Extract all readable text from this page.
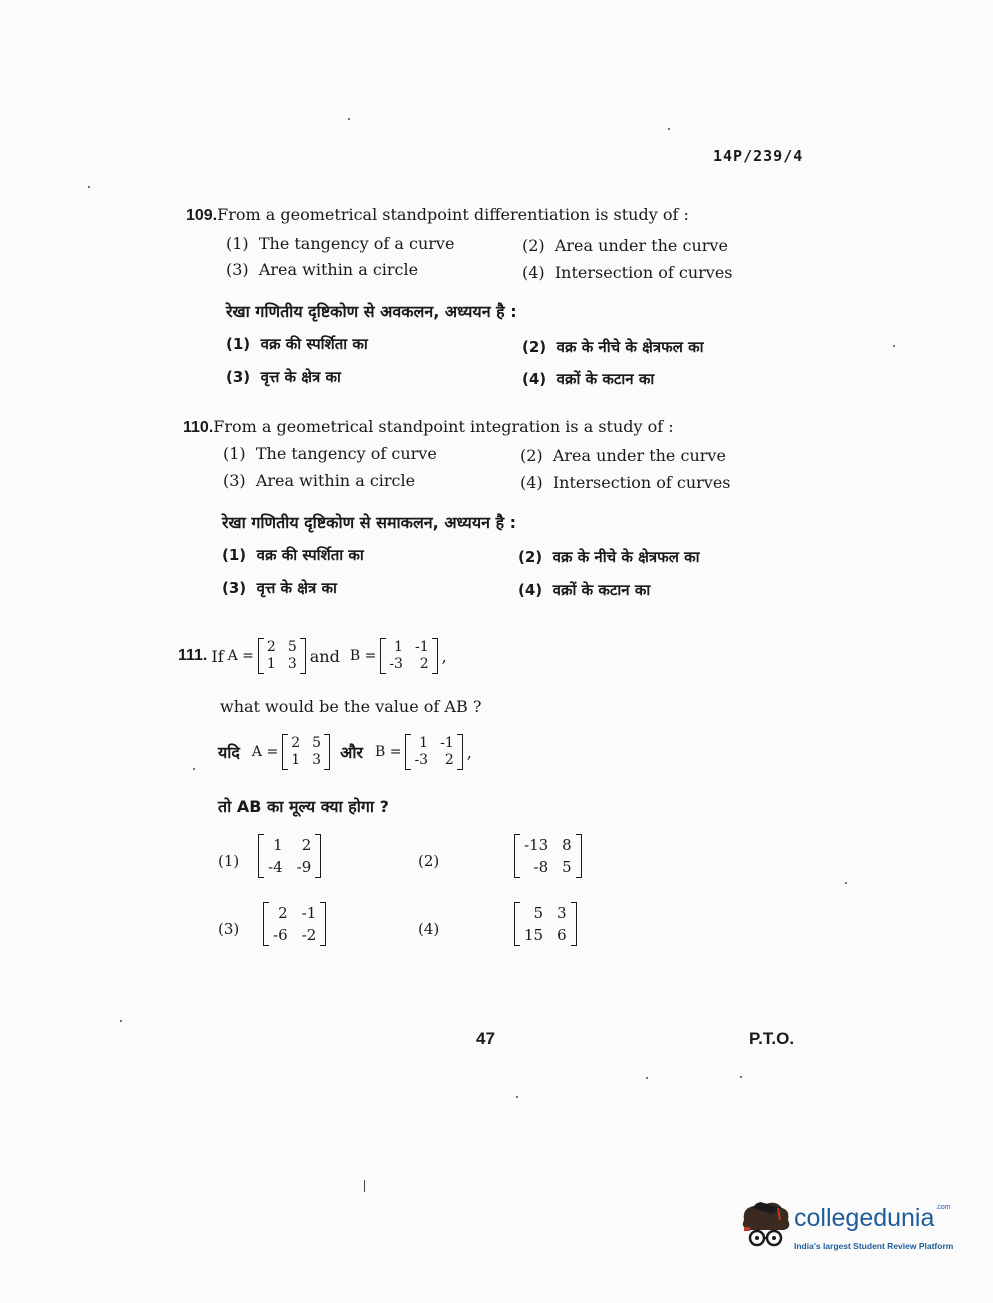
14P/239/4
109.From a geometrical standpoint differentiation is study of :
(1) The tangency of a curve	(2) Area under the curve
(3) Area within a circle	(4) Intersection of curves
रेखा गणितीय दृष्टिकोण से अवकलन, अध्ययन है :
(1) वक्र की स्पर्शिता का	(2) वक्र के नीचे के क्षेत्रफल का
(3) वृत्त के क्षेत्र का	(4) वक्रों के कटान का
110.From a geometrical standpoint integration is a study of :
(1) The tangency of curve	(2) Area under the curve
(3) Area within a circle	(4) Intersection of curves
रेखा गणितीय दृष्टिकोण से समाकलन, अध्ययन है :
(1) वक्र की स्पर्शिता का	(2) वक्र के नीचे के क्षेत्रफल का
(3) वृत्त के क्षेत्र का	(4) वक्रों के कटान का
111. If A =
2 5
1 3 and B =
1 -1
-3	2 ,
what would be the value of AB ?
यदि A =
2 5
1 3 और B =
1 -1
-3	2 ,
तो AB का मूल्य क्या होगा ?
(1)
1	2
-4 -9	(2)
-13 8
-8 5
(3)
2 -1
-6 -2	(4)
5 3
15 6
47	P.T.O.
collegedunia$^{.com}$
India's largest Student Review Platform
